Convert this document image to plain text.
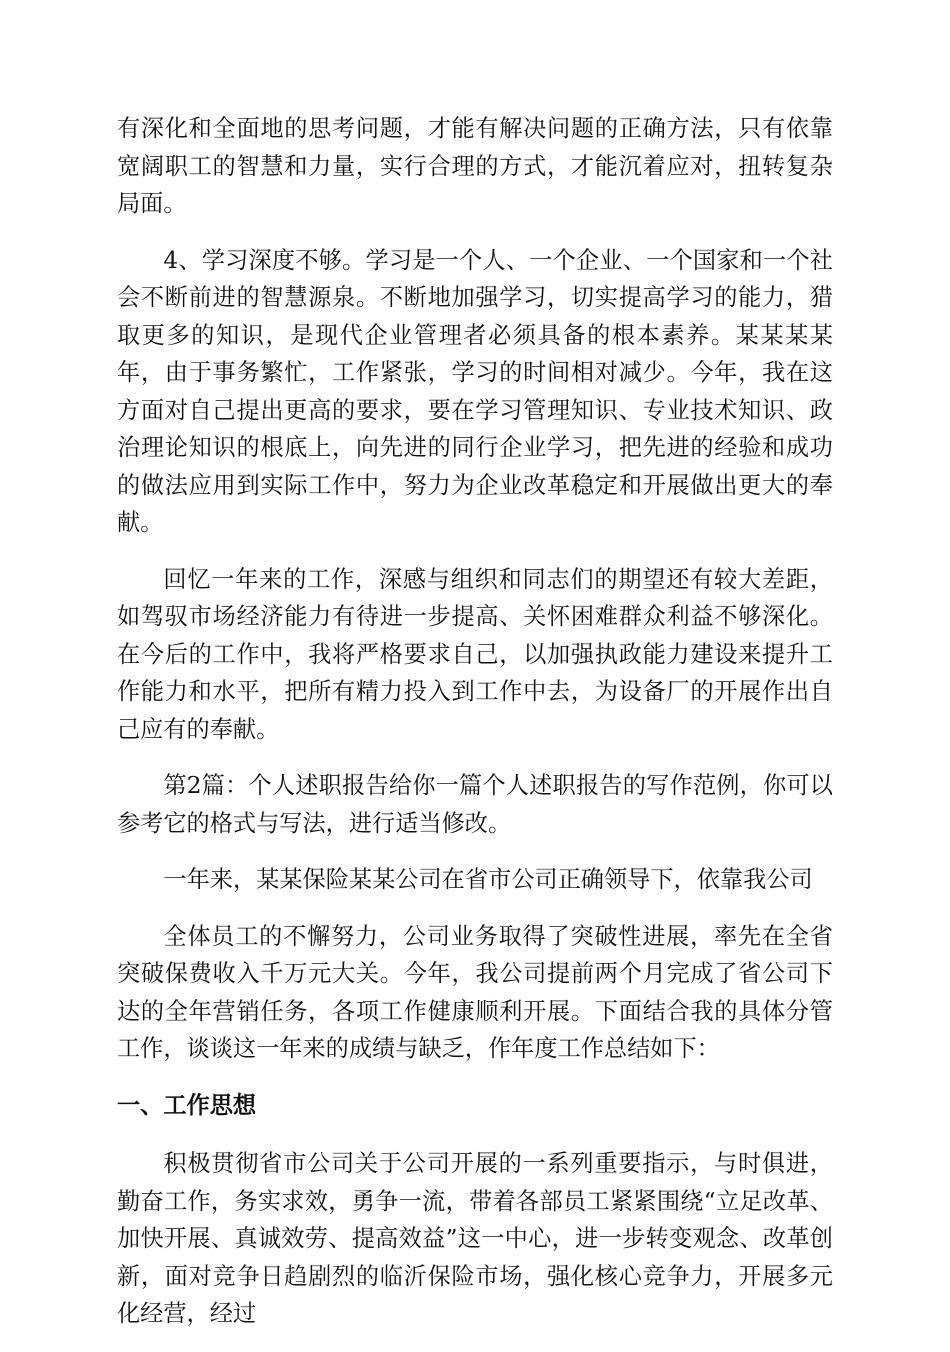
有深化和全面地的思考问题，才能有解决问题的正确方法，只有依靠宽阔职工的智慧和力量，实行合理的方式，才能沉着应对，扭转复杂局面。

4、学习深度不够。学习是一个人、一个企业、一个国家和一个社会不断前进的智慧源泉。不断地加强学习，切实提高学习的能力，猎取更多的知识，是现代企业管理者必须具备的根本素养。某某某某年，由于事务繁忙，工作紧张，学习的时间相对减少。今年，我在这方面对自己提出更高的要求，要在学习管理知识、专业技术知识、政治理论知识的根底上，向先进的同行企业学习，把先进的经验和成功的做法应用到实际工作中，努力为企业改革稳定和开展做出更大的奉献。

回忆一年来的工作，深感与组织和同志们的期望还有较大差距，如驾驭市场经济能力有待进一步提高、关怀困难群众利益不够深化。在今后的工作中，我将严格要求自己，以加强执政能力建设来提升工作能力和水平，把所有精力投入到工作中去，为设备厂的开展作出自己应有的奉献。

第2篇：个人述职报告给你一篇个人述职报告的写作范例，你可以参考它的格式与写法，进行适当修改。

一年来，某某保险某某公司在省市公司正确领导下，依靠我公司

全体员工的不懈努力，公司业务取得了突破性进展，率先在全省突破保费收入千万元大关。今年，我公司提前两个月完成了省公司下达的全年营销任务，各项工作健康顺利开展。下面结合我的具体分管工作，谈谈这一年来的成绩与缺乏，作年度工作总结如下：

一、工作思想

积极贯彻省市公司关于公司开展的一系列重要指示，与时俱进，勤奋工作，务实求效，勇争一流，带着各部员工紧紧围绕“立足改革、加快开展、真诚效劳、提高效益”这一中心，进一步转变观念、改革创新，面对竞争日趋剧烈的临沂保险市场，强化核心竞争力，开展多元化经营，经过
